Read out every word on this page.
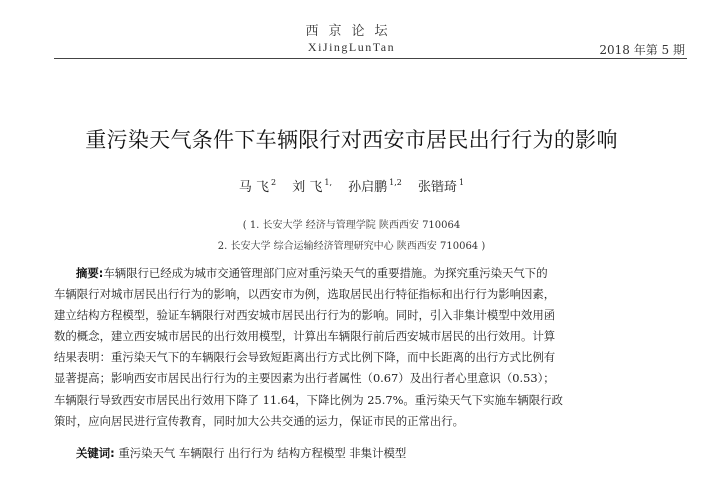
西京论坛
XiJingLunTan	2018 年第 5 期
重污染天气条件下车辆限行对西安市居民出行行为的影响
马 飞 $^2$ 刘 飞 $^{1,}$ 孙启鹏 $^{1,2}$ 张锴琦 $^1$
( 1. 长安大学 经济与管理学院 陕西西安 710064
2. 长安大学 综合运输经济管理研究中心 陕西西安 710064 )
摘要:车辆限行已经成为城市交通管理部门应对重污染天气的重要措施。为探究重污染天气下的
车辆限行对城市居民出行行为的影响，以西安市为例，选取居民出行特征指标和出行行为影响因素，
建立结构方程模型，验证车辆限行对西安城市居民出行行为的影响。同时，引入非集计模型中效用函
数的概念，建立西安城市居民的出行效用模型，计算出车辆限行前后西安城市居民的出行效用。计算
结果表明：重污染天气下的车辆限行会导致短距离出行方式比例下降，而中长距离的出行方式比例有
显著提高；影响西安市居民出行行为的主要因素为出行者属性（0.67）及出行者心里意识（0.53）；
车辆限行导致西安市居民出行效用下降了 11.64，下降比例为 25.7%。重污染天气下实施车辆限行政
策时，应向居民进行宣传教育，同时加大公共交通的运力，保证市民的正常出行。
关键词: 重污染天气 车辆限行 出行行为 结构方程模型 非集计模型
